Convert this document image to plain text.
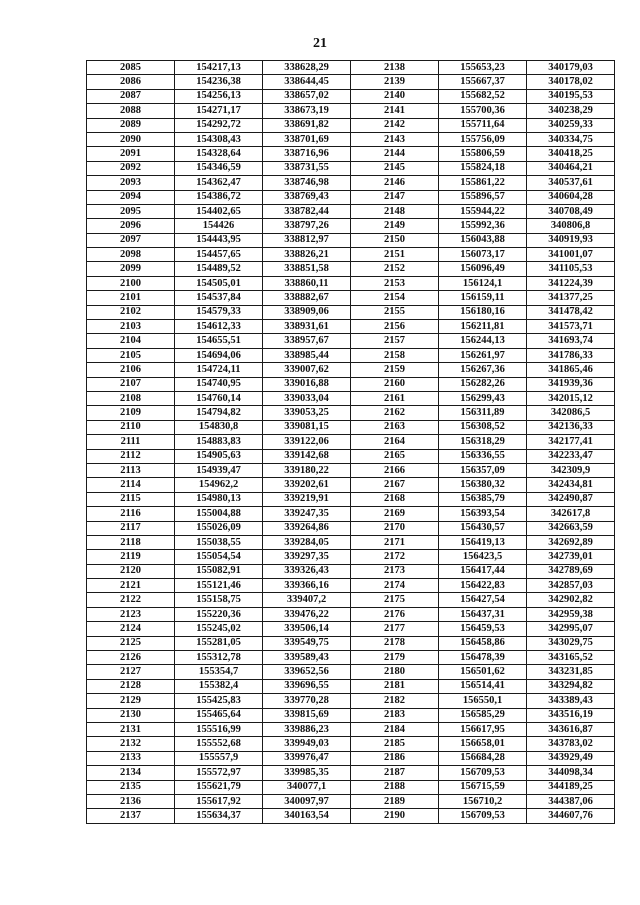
21
2085	154217,13	338628,29	2138	155653,23	340179,03
2086	154236,38	338644,45	2139	155667,37	340178,02
2087	154256,13	338657,02	2140	155682,52	340195,53
2088	154271,17	338673,19	2141	155700,36	340238,29
2089	154292,72	338691,82	2142	155711,64	340259,33
2090	154308,43	338701,69	2143	155756,09	340334,75
2091	154328,64	338716,96	2144	155806,59	340418,25
2092	154346,59	338731,55	2145	155824,18	340464,21
2093	154362,47	338746,98	2146	155861,22	340537,61
2094	154386,72	338769,43	2147	155896,57	340604,28
2095	154402,65	338782,44	2148	155944,22	340708,49
2096	154426	338797,26	2149	155992,36	340806,8
2097	154443,95	338812,97	2150	156043,88	340919,93
2098	154457,65	338826,21	2151	156073,17	341001,07
2099	154489,52	338851,58	2152	156096,49	341105,53
2100	154505,01	338860,11	2153	156124,1	341224,39
2101	154537,84	338882,67	2154	156159,11	341377,25
2102	154579,33	338909,06	2155	156180,16	341478,42
2103	154612,33	338931,61	2156	156211,81	341573,71
2104	154655,51	338957,67	2157	156244,13	341693,74
2105	154694,06	338985,44	2158	156261,97	341786,33
2106	154724,11	339007,62	2159	156267,36	341865,46
2107	154740,95	339016,88	2160	156282,26	341939,36
2108	154760,14	339033,04	2161	156299,43	342015,12
2109	154794,82	339053,25	2162	156311,89	342086,5
2110	154830,8	339081,15	2163	156308,52	342136,33
2111	154883,83	339122,06	2164	156318,29	342177,41
2112	154905,63	339142,68	2165	156336,55	342233,47
2113	154939,47	339180,22	2166	156357,09	342309,9
2114	154962,2	339202,61	2167	156380,32	342434,81
2115	154980,13	339219,91	2168	156385,79	342490,87
2116	155004,88	339247,35	2169	156393,54	342617,8
2117	155026,09	339264,86	2170	156430,57	342663,59
2118	155038,55	339284,05	2171	156419,13	342692,89
2119	155054,54	339297,35	2172	156423,5	342739,01
2120	155082,91	339326,43	2173	156417,44	342789,69
2121	155121,46	339366,16	2174	156422,83	342857,03
2122	155158,75	339407,2	2175	156427,54	342902,82
2123	155220,36	339476,22	2176	156437,31	342959,38
2124	155245,02	339506,14	2177	156459,53	342995,07
2125	155281,05	339549,75	2178	156458,86	343029,75
2126	155312,78	339589,43	2179	156478,39	343165,52
2127	155354,7	339652,56	2180	156501,62	343231,85
2128	155382,4	339696,55	2181	156514,41	343294,82
2129	155425,83	339770,28	2182	156550,1	343389,43
2130	155465,64	339815,69	2183	156585,29	343516,19
2131	155516,99	339886,23	2184	156617,95	343616,87
2132	155552,68	339949,03	2185	156658,01	343783,02
2133	155557,9	339976,47	2186	156684,28	343929,49
2134	155572,97	339985,35	2187	156709,53	344098,34
2135	155621,79	340077,1	2188	156715,59	344189,25
2136	155617,92	340097,97	2189	156710,2	344387,06
2137	155634,37	340163,54	2190	156709,53	344607,76
